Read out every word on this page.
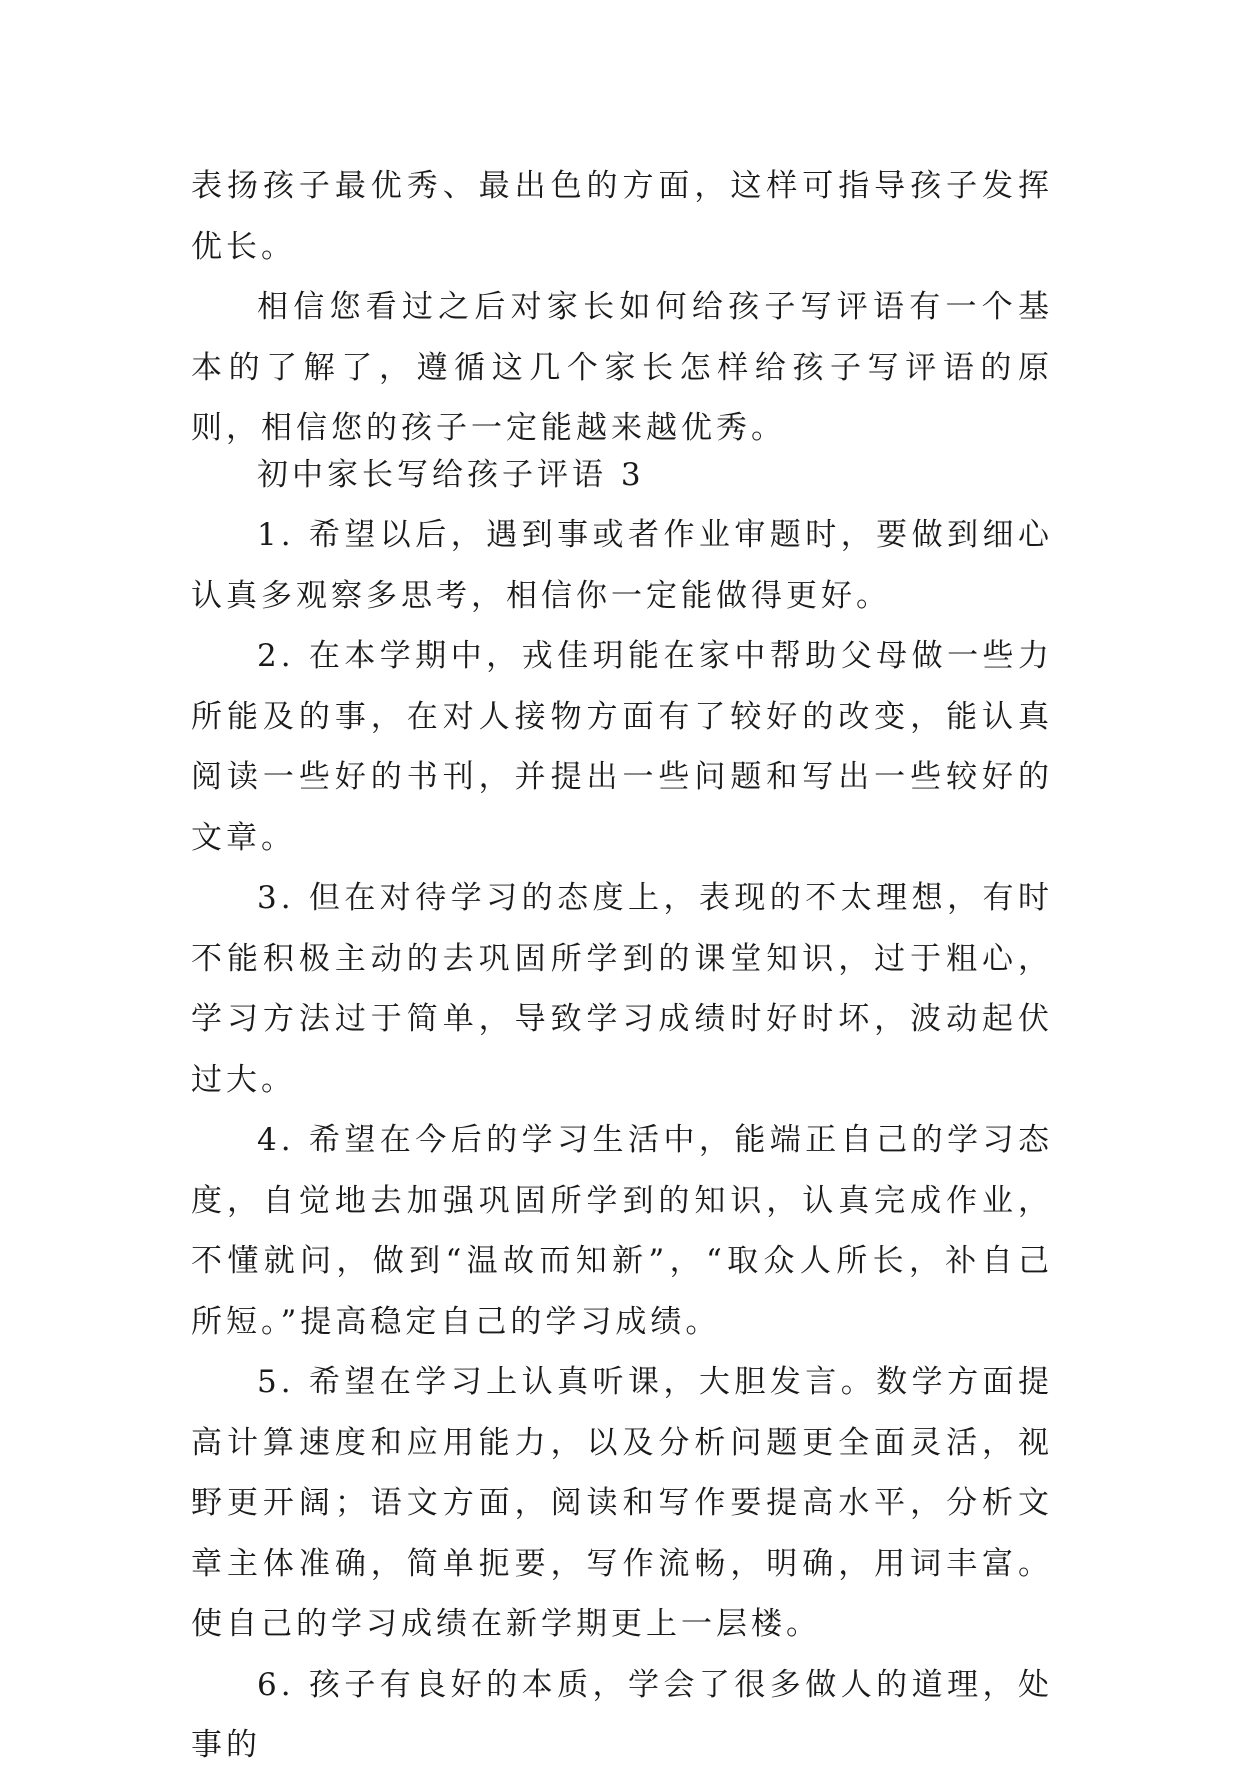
表扬孩子最优秀、最出色的方面，这样可指导孩子发挥优长。

相信您看过之后对家长如何给孩子写评语有一个基本的了解了，遵循这几个家长怎样给孩子写评语的原则，相信您的孩子一定能越来越优秀。

初中家长写给孩子评语 3

1. 希望以后，遇到事或者作业审题时，要做到细心认真多观察多思考，相信你一定能做得更好。

2. 在本学期中，戎佳玥能在家中帮助父母做一些力所能及的事，在对人接物方面有了较好的改变，能认真阅读一些好的书刊，并提出一些问题和写出一些较好的文章。

3. 但在对待学习的态度上，表现的不太理想，有时不能积极主动的去巩固所学到的课堂知识，过于粗心，学习方法过于简单，导致学习成绩时好时坏，波动起伏过大。

4. 希望在今后的学习生活中，能端正自己的学习态度，自觉地去加强巩固所学到的知识，认真完成作业，不懂就问，做到“温故而知新”，“取众人所长，补自己所短。”提高稳定自己的学习成绩。

5. 希望在学习上认真听课，大胆发言。数学方面提高计算速度和应用能力，以及分析问题更全面灵活，视野更开阔；语文方面，阅读和写作要提高水平，分析文章主体准确，简单扼要，写作流畅，明确，用词丰富。使自己的学习成绩在新学期更上一层楼。

6. 孩子有良好的本质，学会了很多做人的道理，处事的
